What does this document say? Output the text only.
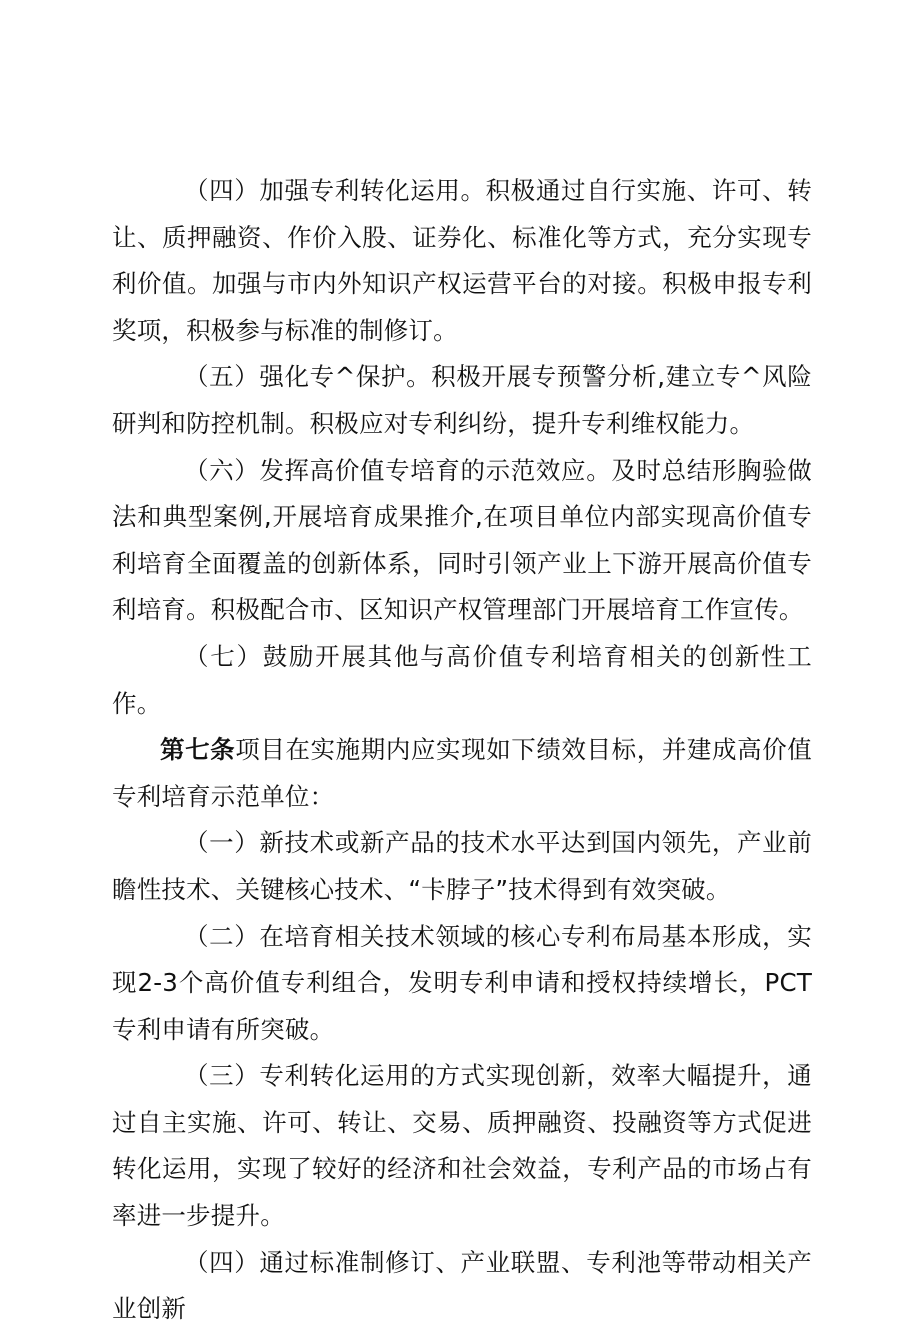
（四）加强专利转化运用。积极通过自行实施、许可、转让、质押融资、作价入股、证券化、标准化等方式，充分实现专利价值。加强与市内外知识产权运营平台的对接。积极申报专利奖项，积极参与标准的制修订。

（五）强化专^保护。积极开展专预警分析,建立专^风险研判和防控机制。积极应对专利纠纷，提升专利维权能力。

（六）发挥高价值专培育的示范效应。及时总结形胸验做法和典型案例,开展培育成果推介,在项目单位内部实现高价值专利培育全面覆盖的创新体系，同时引领产业上下游开展高价值专利培育。积极配合市、区知识产权管理部门开展培育工作宣传。

（七）鼓励开展其他与高价值专利培育相关的创新性工作。

第七条项目在实施期内应实现如下绩效目标，并建成高价值专利培育示范单位：

（一）新技术或新产品的技术水平达到国内领先，产业前瞻性技术、关键核心技术、“卡脖子”技术得到有效突破。

（二）在培育相关技术领域的核心专利布局基本形成，实现2-3个高价值专利组合，发明专利申请和授权持续增长，PCT专利申请有所突破。

（三）专利转化运用的方式实现创新，效率大幅提升，通过自主实施、许可、转让、交易、质押融资、投融资等方式促进转化运用，实现了较好的经济和社会效益，专利产品的市场占有率进一步提升。

（四）通过标准制修订、产业联盟、专利池等带动相关产业创新
